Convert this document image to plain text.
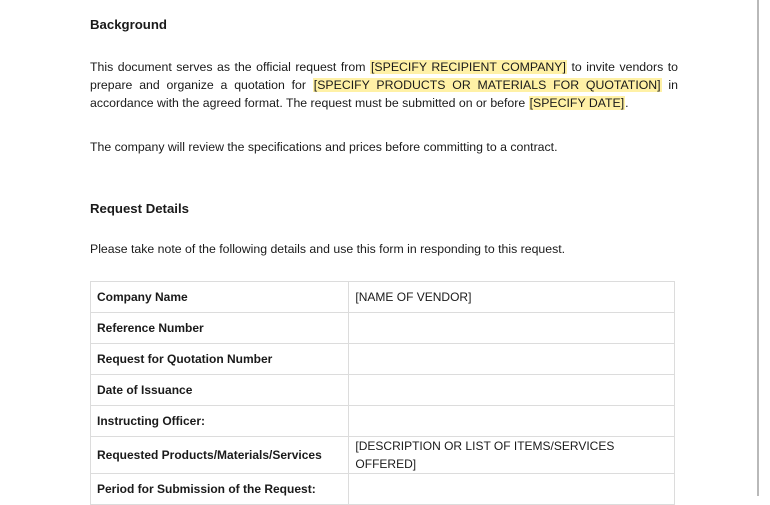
Background
This document serves as the official request from [SPECIFY RECIPIENT COMPANY] to invite vendors to prepare and organize a quotation for [SPECIFY PRODUCTS OR MATERIALS FOR QUOTATION] in accordance with the agreed format. The request must be submitted on or before [SPECIFY DATE].
The company will review the specifications and prices before committing to a contract.
Request Details
Please take note of the following details and use this form in responding to this request.
Company Name	[NAME OF VENDOR]
Reference Number	
Request for Quotation Number	
Date of Issuance	
Instructing Officer:	
Requested Products/Materials/Services	[DESCRIPTION OR LIST OF ITEMS/SERVICES OFFERED]
Period for Submission of the Request:	
